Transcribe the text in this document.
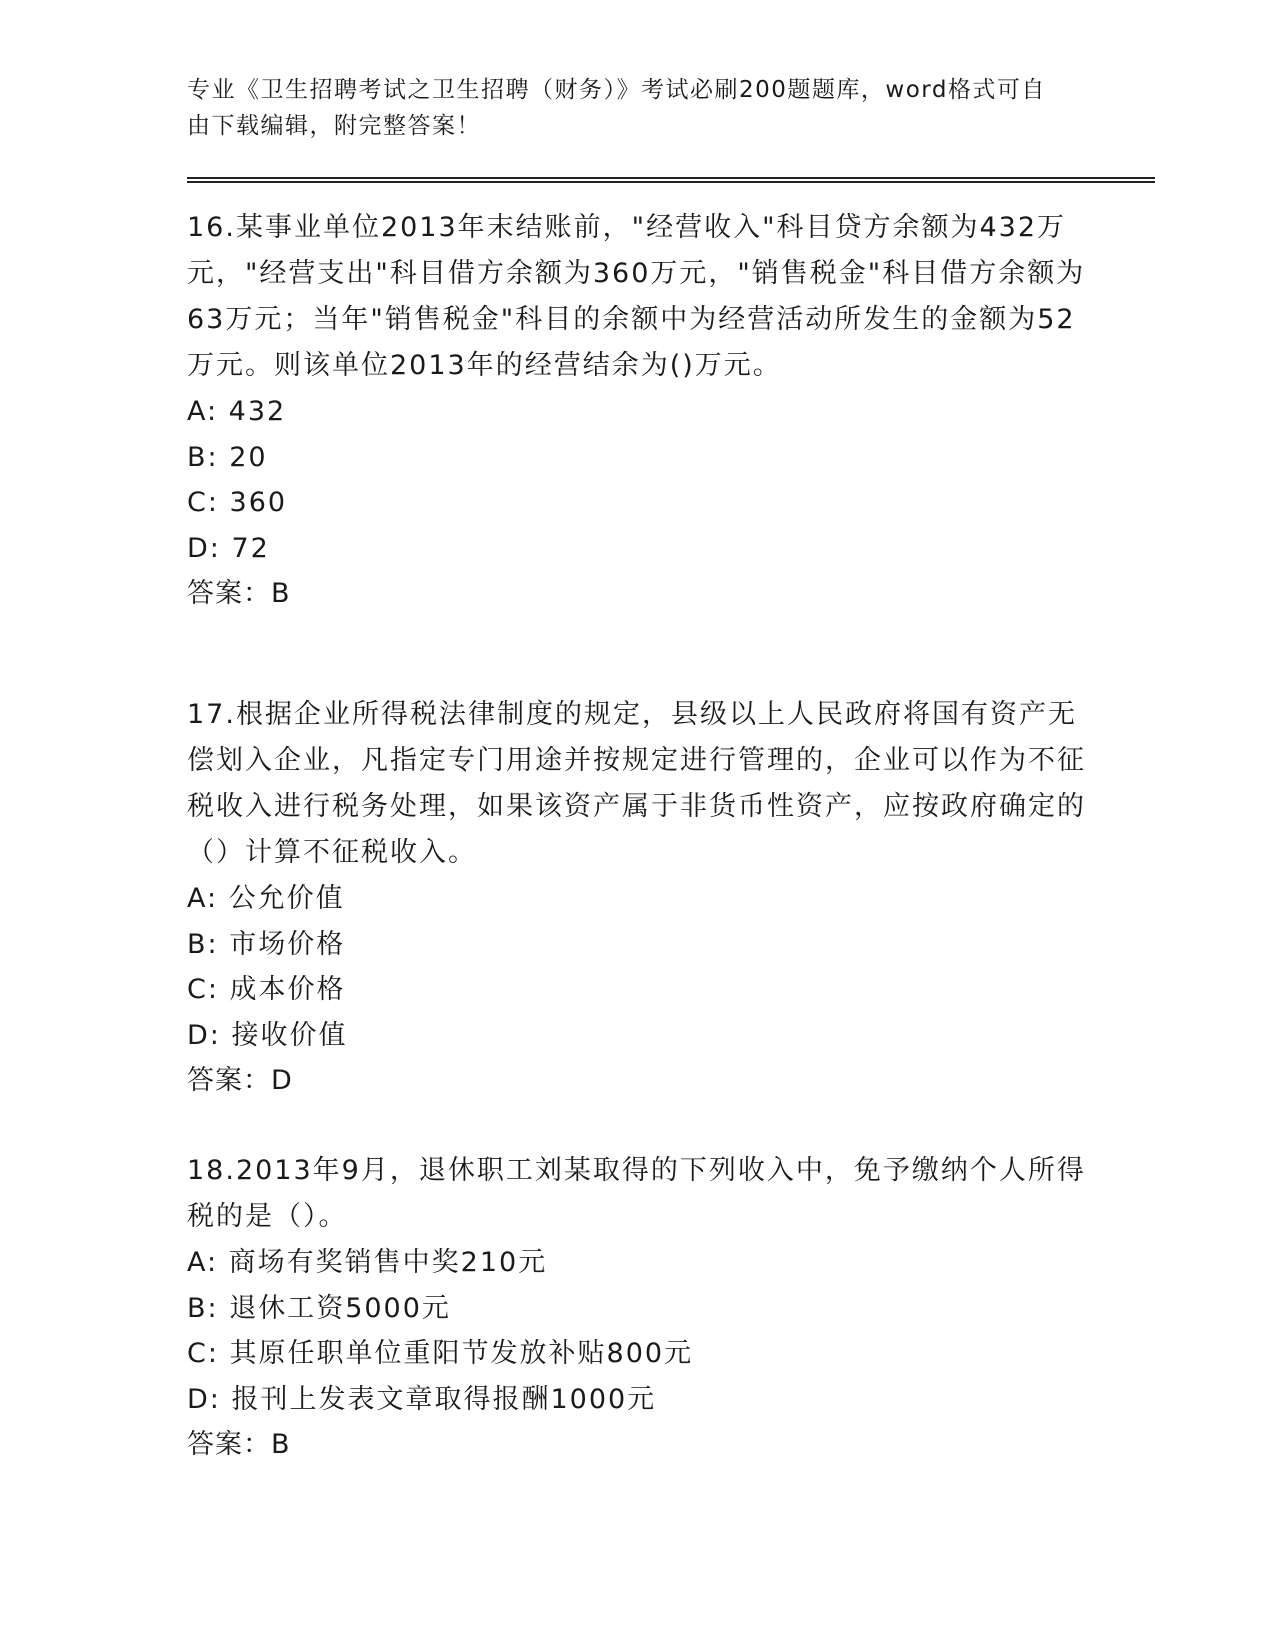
专业《卫生招聘考试之卫生招聘（财务）》考试必刷200题题库，word格式可自由下载编辑，附完整答案！

16.某事业单位2013年末结账前，"经营收入"科目贷方余额为432万元，"经营支出"科目借方余额为360万元，"销售税金"科目借方余额为63万元；当年"销售税金"科目的余额中为经营活动所发生的金额为52万元。则该单位2013年的经营结余为()万元。

A: 432

B: 20

C: 360

D: 72

答案：B

17.根据企业所得税法律制度的规定，县级以上人民政府将国有资产无偿划入企业，凡指定专门用途并按规定进行管理的，企业可以作为不征税收入进行税务处理，如果该资产属于非货币性资产，应按政府确定的（）计算不征税收入。

A: 公允价值

B: 市场价格

C: 成本价格

D: 接收价值

答案：D

18.2013年9月，退休职工刘某取得的下列收入中，免予缴纳个人所得税的是（）。

A: 商场有奖销售中奖210元

B: 退休工资5000元

C: 其原任职单位重阳节发放补贴800元

D: 报刊上发表文章取得报酬1000元

答案：B
